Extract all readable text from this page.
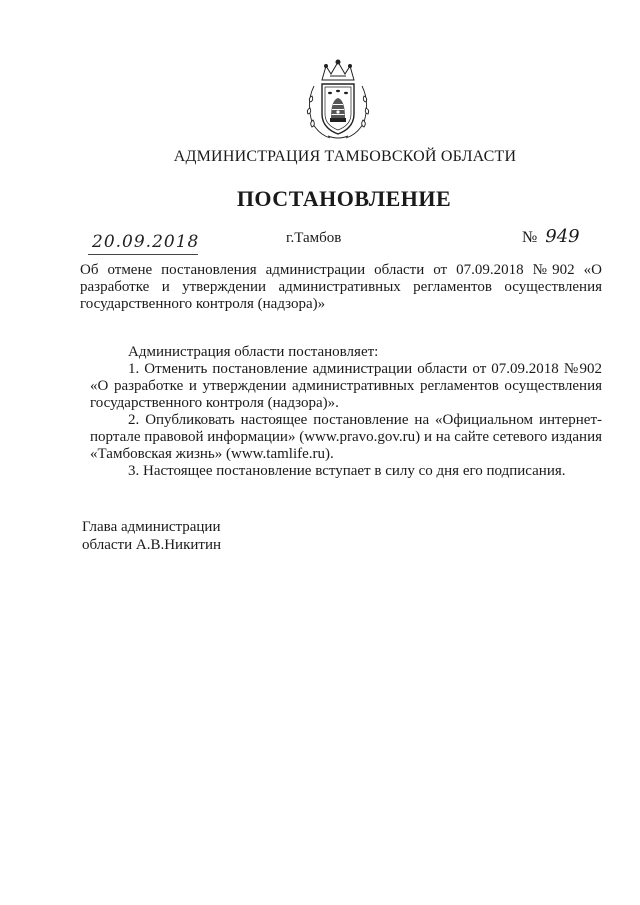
АДМИНИСТРАЦИЯ ТАМБОВСКОЙ ОБЛАСТИ
ПОСТАНОВЛЕНИЕ
20.09.2018	г.Тамбов	№ 949
Об отмене постановления администрации области от 07.09.2018 №902 «О разработке и утверждении административных регламентов осуществления государственного контроля (надзора)»

Администрация области постановляет:

1. Отменить постановление администрации области от 07.09.2018 №902 «О разработке и утверждении административных регламентов осуществления государственного контроля (надзора)».

2. Опубликовать настоящее постановление на «Официальном интернет-портале правовой информации» (www.pravo.gov.ru) и на сайте сетевого издания «Тамбовская жизнь» (www.tamlife.ru).

3. Настоящее постановление вступает в силу со дня его подписания.

Глава администрации
области А.В.Никитин
